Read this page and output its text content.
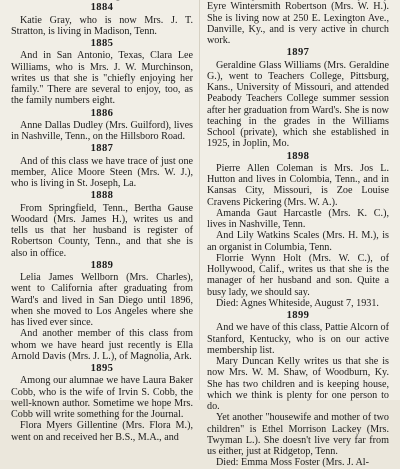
1884

Katie Gray, who is now Mrs. J. T. Stratton, is living in Madison, Tenn.

1885

And in San Antonio, Texas, Clara Lee Williams, who is Mrs. J. W. Murchinson, writes us that she is "chiefly enjoying her family." There are several to enjoy, too, as the family numbers eight.

1886

Anne Dallas Dudley (Mrs. Guilford), lives in Nashville, Tenn., on the Hillsboro Road.

1887

And of this class we have trace of just one member, Alice Moore Steen (Mrs. W. J.), who is living in St. Joseph, La.

1888

From Springfield, Tenn., Bertha Gause Woodard (Mrs. James H.), writes us and tells us that her husband is register of Robertson County, Tenn., and that she is also in office.

1889

Lelia James Wellborn (Mrs. Charles), went to California after graduating from Ward's and lived in San Diego until 1896, when she moved to Los Angeles where she has lived ever since.

And another member of this class from whom we have heard just recently is Ella Arnold Davis (Mrs. J. L.), of Magnolia, Ark.

1895

Among our alumnae we have Laura Baker Cobb, who is the wife of Irvin S. Cobb, the well-known author. Sometime we hope Mrs. Cobb will write something for the Journal.

Flora Myers Gillentine (Mrs. Flora M.), went on and received her B.S., M.A., and

Eyre Wintersmith Robertson (Mrs. W. H.). She is living now at 250 E. Lexington Ave., Danville, Ky., and is very active in church work.

1897

Geraldine Glass Williams (Mrs. Geraldine G.), went to Teachers College, Pittsburg, Kans., University of Missouri, and attended Peabody Teachers College summer session after her graduation from Ward's. She is now teaching in the grades in the Williams School (private), which she established in 1925, in Joplin, Mo.

1898

Pierre Allen Coleman is Mrs. Jos L. Hutton and lives in Colombia, Tenn., and in Kansas City, Missouri, is Zoe Louise Cravens Pickering (Mrs. W. A.).

Amanda Gaut Harcastle (Mrs. K. C.), lives in Nashville, Tenn.

And Lily Watkins Scales (Mrs. H. M.), is an organist in Columbia, Tenn.

Florrie Wynn Holt (Mrs. W. C.), of Hollywood, Calif., writes us that she is the manager of her husband and son. Quite a busy lady, we should say.

Died: Agnes Whiteside, August 7, 1931.

1899

And we have of this class, Pattie Alcorn of Stanford, Kentucky, who is on our active membership list.

Mary Duncan Kelly writes us that she is now Mrs. W. M. Shaw, of Woodburn, Ky. She has two children and is keeping house, which we think is plenty for one person to do.

Yet another "housewife and mother of two children" is Ethel Morrison Lackey (Mrs. Twyman L.). She doesn't live very far from us either, just at Ridgetop, Tenn.

Died: Emma Moss Foster (Mrs. J. Al-
